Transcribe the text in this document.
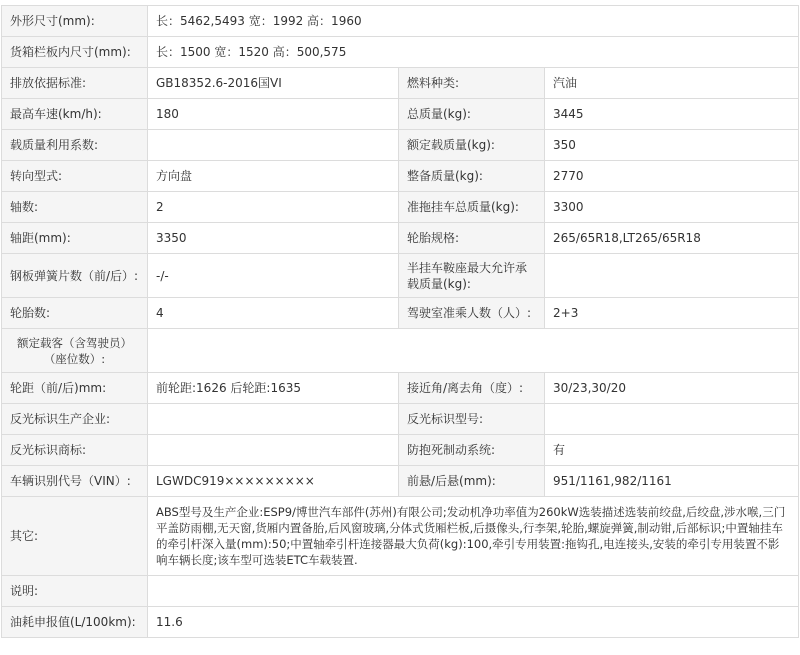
外形尺寸(mm):	长：5462,5493 宽：1992 高：1960		
货箱栏板内尺寸(mm):	长：1500 宽：1520 高：500,575		
排放依据标准:	GB18352.6-2016国VI	燃料种类:	汽油
最高车速(km/h):	180	总质量(kg):	3445
载质量利用系数:		额定载质量(kg):	350
转向型式:	方向盘	整备质量(kg):	2770
轴数:	2	准拖挂车总质量(kg):	3300
轴距(mm):	3350	轮胎规格:	265/65R18,LT265/65R18
钢板弹簧片数（前/后）:	-/-	半挂车鞍座最大允许承载质量(kg):	
轮胎数:	4	驾驶室准乘人数（人）:	2+3
额定载客（含驾驶员）（座位数）:			
轮距（前/后)mm:	前轮距:1626 后轮距:1635	接近角/离去角（度）:	30/23,30/20
反光标识生产企业:		反光标识型号:	
反光标识商标:		防抱死制动系统:	有
车辆识别代号（VIN）:	LGWDC919×××××××××	前悬/后悬(mm):	951/1161,982/1161
其它:	ABS型号及生产企业:ESP9/博世汽车部件(苏州)有限公司;发动机净功率值为260kW选装描述选装前绞盘,后绞盘,涉水喉,三门平盖防雨棚,无天窗,货厢内置备胎,后风窗玻璃,分体式货厢栏板,后摄像头,行李架,轮胎,螺旋弹簧,制动钳,后部标识;中置轴挂车的牵引杆深入量(mm):50;中置轴牵引杆连接器最大负荷(kg):100,牵引专用装置:拖钩孔,电连接头,安装的牵引专用装置不影响车辆长度;该车型可选装ETC车载装置.		
说明:			
油耗申报值(L/100km):	11.6		
